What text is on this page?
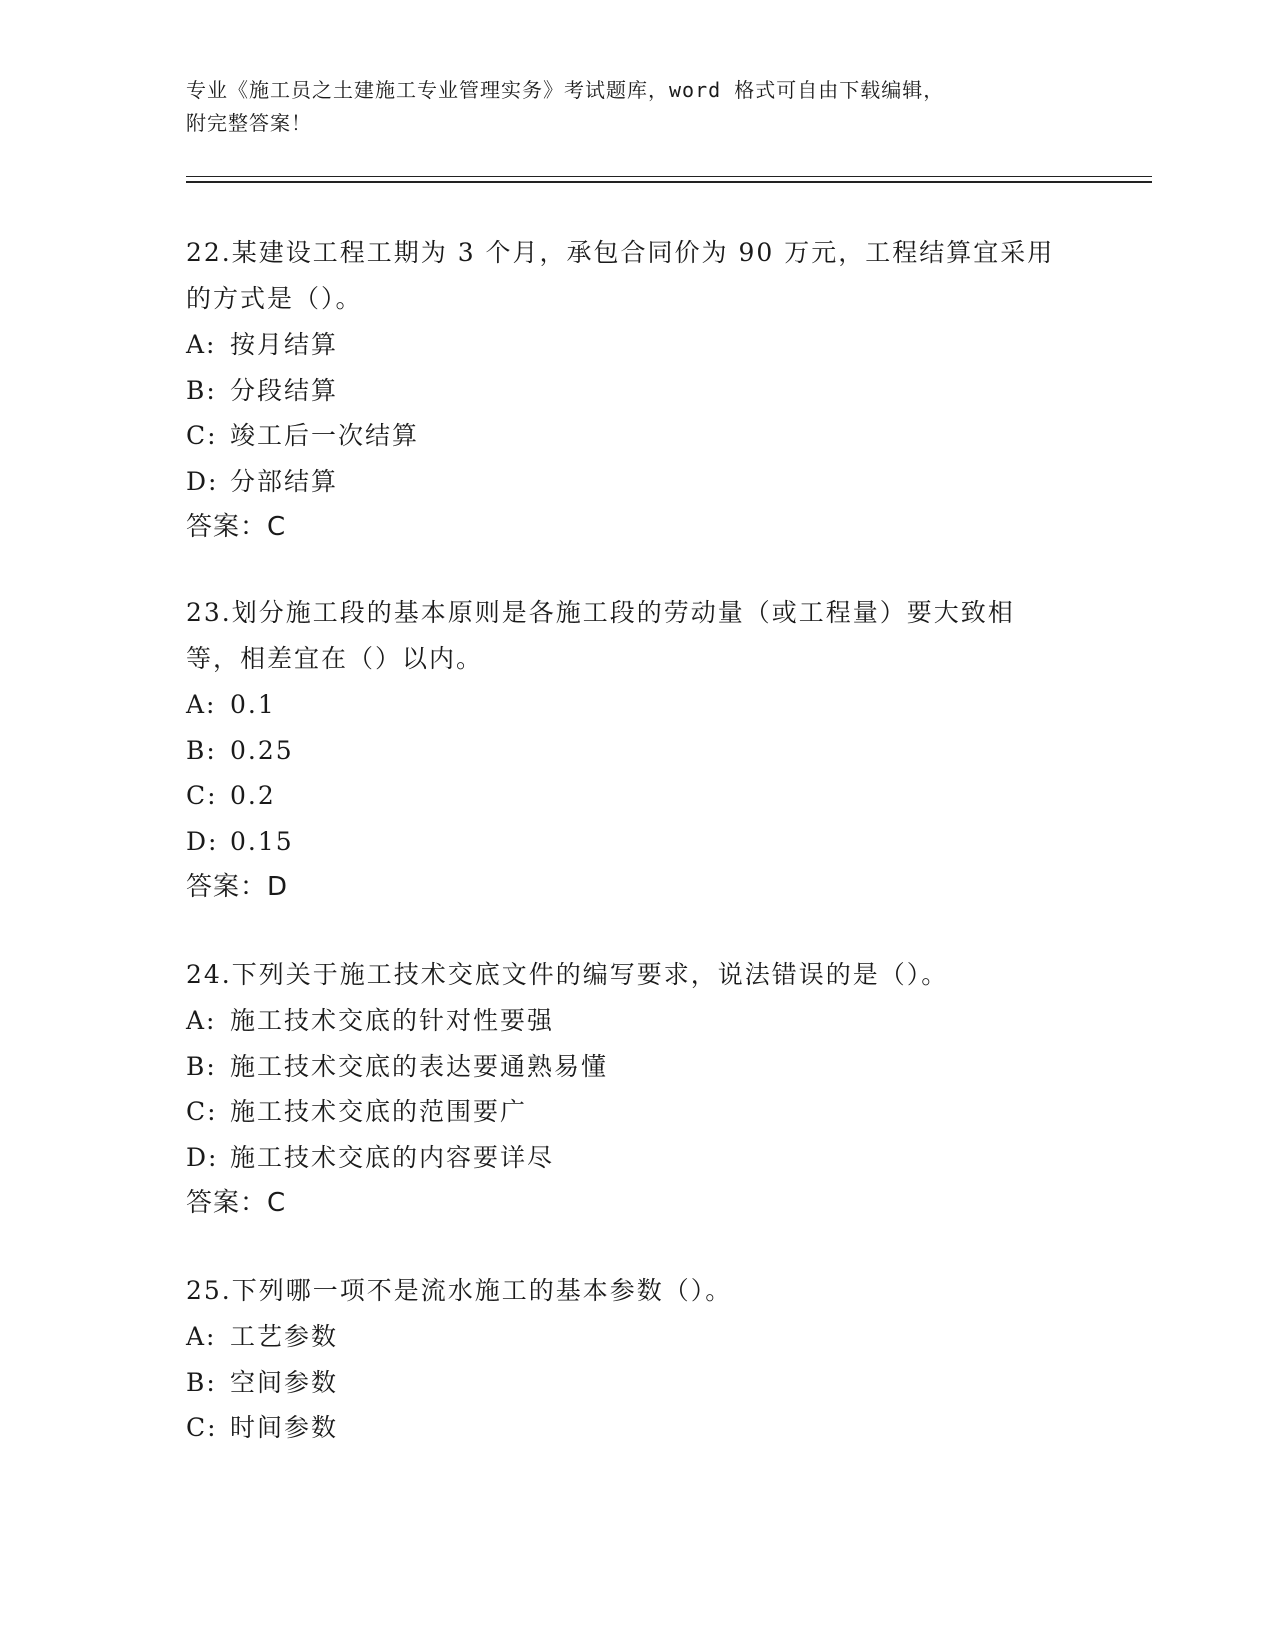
专业《施工员之土建施工专业管理实务》考试题库，word 格式可自由下载编辑，
附完整答案！
22.某建设工程工期为 3 个月，承包合同价为 90 万元，工程结算宜采用的方式是（）。
A: 按月结算
B: 分段结算
C: 竣工后一次结算
D: 分部结算
答案：C
23.划分施工段的基本原则是各施工段的劳动量（或工程量）要大致相等，相差宜在（）以内。
A: 0.1
B: 0.25
C: 0.2
D: 0.15
答案：D
24.下列关于施工技术交底文件的编写要求，说法错误的是（）。
A: 施工技术交底的针对性要强
B: 施工技术交底的表达要通熟易懂
C: 施工技术交底的范围要广
D: 施工技术交底的内容要详尽
答案：C
25.下列哪一项不是流水施工的基本参数（）。
A: 工艺参数
B: 空间参数
C: 时间参数
